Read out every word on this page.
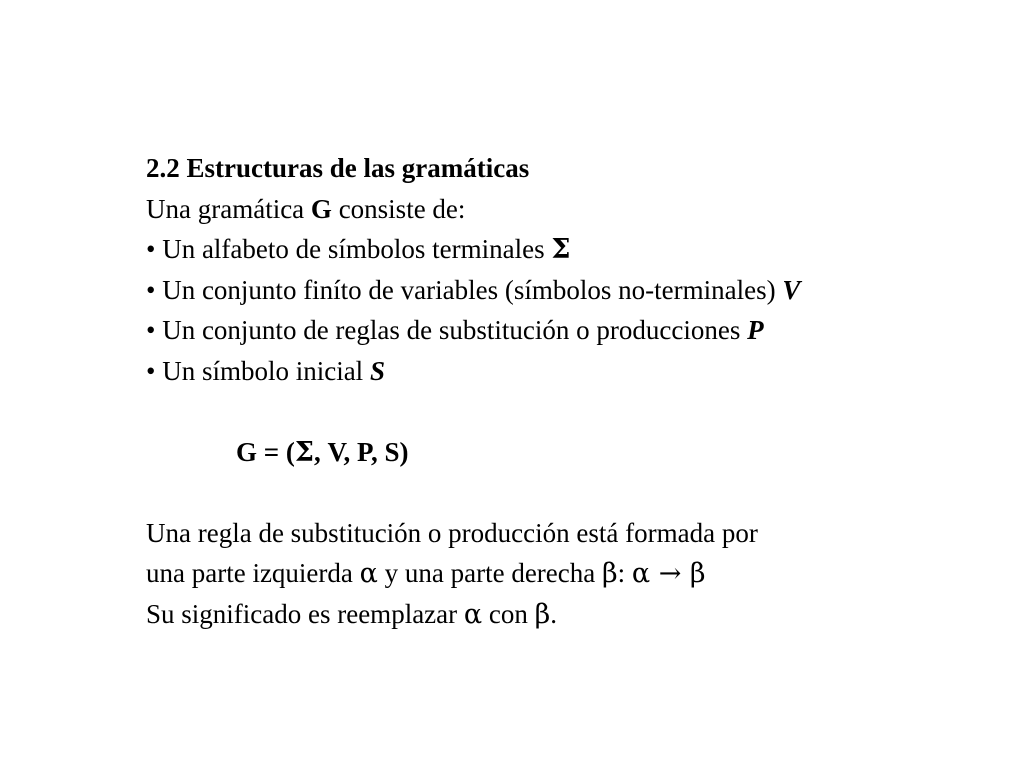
2.2 Estructuras de las gramáticas
Una gramática G consiste de:
• Un alfabeto de símbolos terminales Σ
• Un conjunto finíto de variables (símbolos no-terminales) V
• Un conjunto de reglas de substitución o producciones P
• Un símbolo inicial S
G = (Σ, V, P, S)
Una regla de substitución o producción está formada por
una parte izquierda α y una parte derecha β: α → β
Su significado es reemplazar α con β.
